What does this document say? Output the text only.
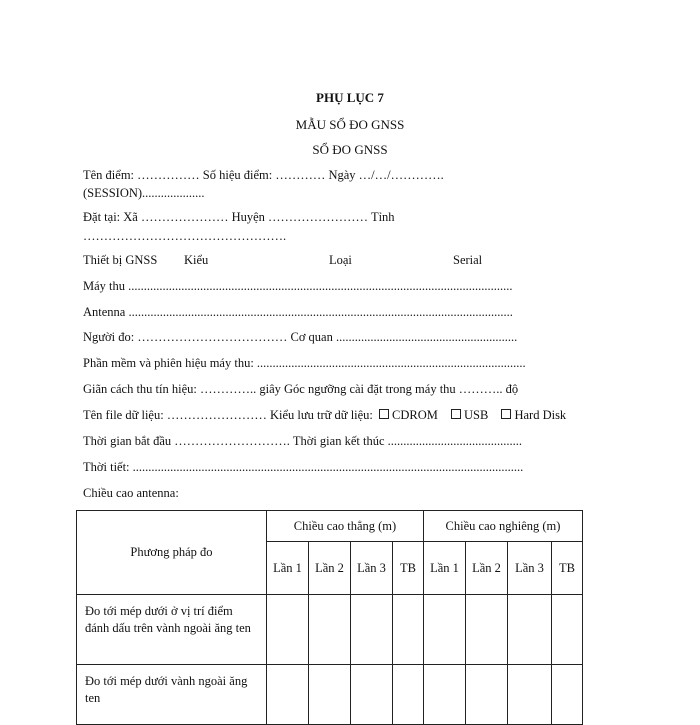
PHỤ LỤC 7
MẪU SỔ ĐO GNSS
SỔ ĐO GNSS
Tên điểm: …………… Số hiệu điểm: ………… Ngày …/…/………….
(SESSION)....................
Đặt tại: Xã ………………… Huyện …………………… Tỉnh
………………………………………….
Thiết bị GNSS Kiểu	Loại	Serial
Máy thu ...........................................................................................................................
Antenna ...........................................................................................................................
Người đo: ……………………………… Cơ quan ..........................................................
Phần mềm và phiên hiệu máy thu: ......................................................................................
Giãn cách thu tín hiệu: ………….. giây Góc ngưỡng cài đặt trong máy thu ……….. độ
Tên file dữ liệu: …………………… Kiểu lưu trữ dữ liệu: CDROM USB Hard Disk
Thời gian bắt đầu ………………………. Thời gian kết thúc ...........................................
Thời tiết: .............................................................................................................................
Chiều cao antenna:
Phương pháp đo	Chiều cao thẳng (m)				Chiều cao nghiêng (m)			
	Lần 1	Lần 2	Lần 3	TB	Lần 1	Lần 2	Lần 3	TB
Đo tới mép dưới ở vị trí điểm đánh dấu trên vành ngoài ăng ten								
Đo tới mép dưới vành ngoài ăng ten								
